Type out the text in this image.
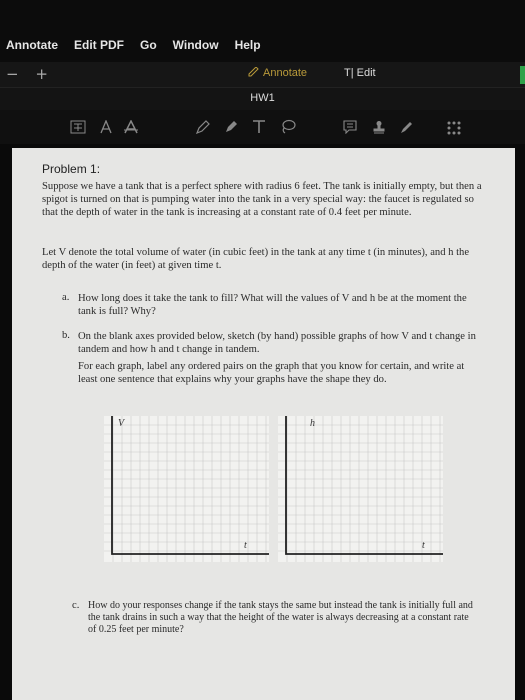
Annotate Edit PDF Go Window Help
− +	Annotate	T| Edit
HW1
Problem 1:
Suppose we have a tank that is a perfect sphere with radius 6 feet. The tank is initially empty, but then a spigot is turned on that is pumping water into the tank in a very special way: the faucet is regulated so that the depth of water in the tank is increasing at a constant rate of 0.4 feet per minute.
Let V denote the total volume of water (in cubic feet) in the tank at any time t (in minutes), and h the depth of the water (in feet) at given time t.
a. How long does it take the tank to fill? What will the values of V and h be at the moment the tank is full? Why?
b. On the blank axes provided below, sketch (by hand) possible graphs of how V and t change in tandem and how h and t change in tandem.
For each graph, label any ordered pairs on the graph that you know for certain, and write at least one sentence that explains why your graphs have the shape they do.
V
t
h
t
c. How do your responses change if the tank stays the same but instead the tank is initially full and the tank drains in such a way that the height of the water is always decreasing at a constant rate of 0.25 feet per minute?
